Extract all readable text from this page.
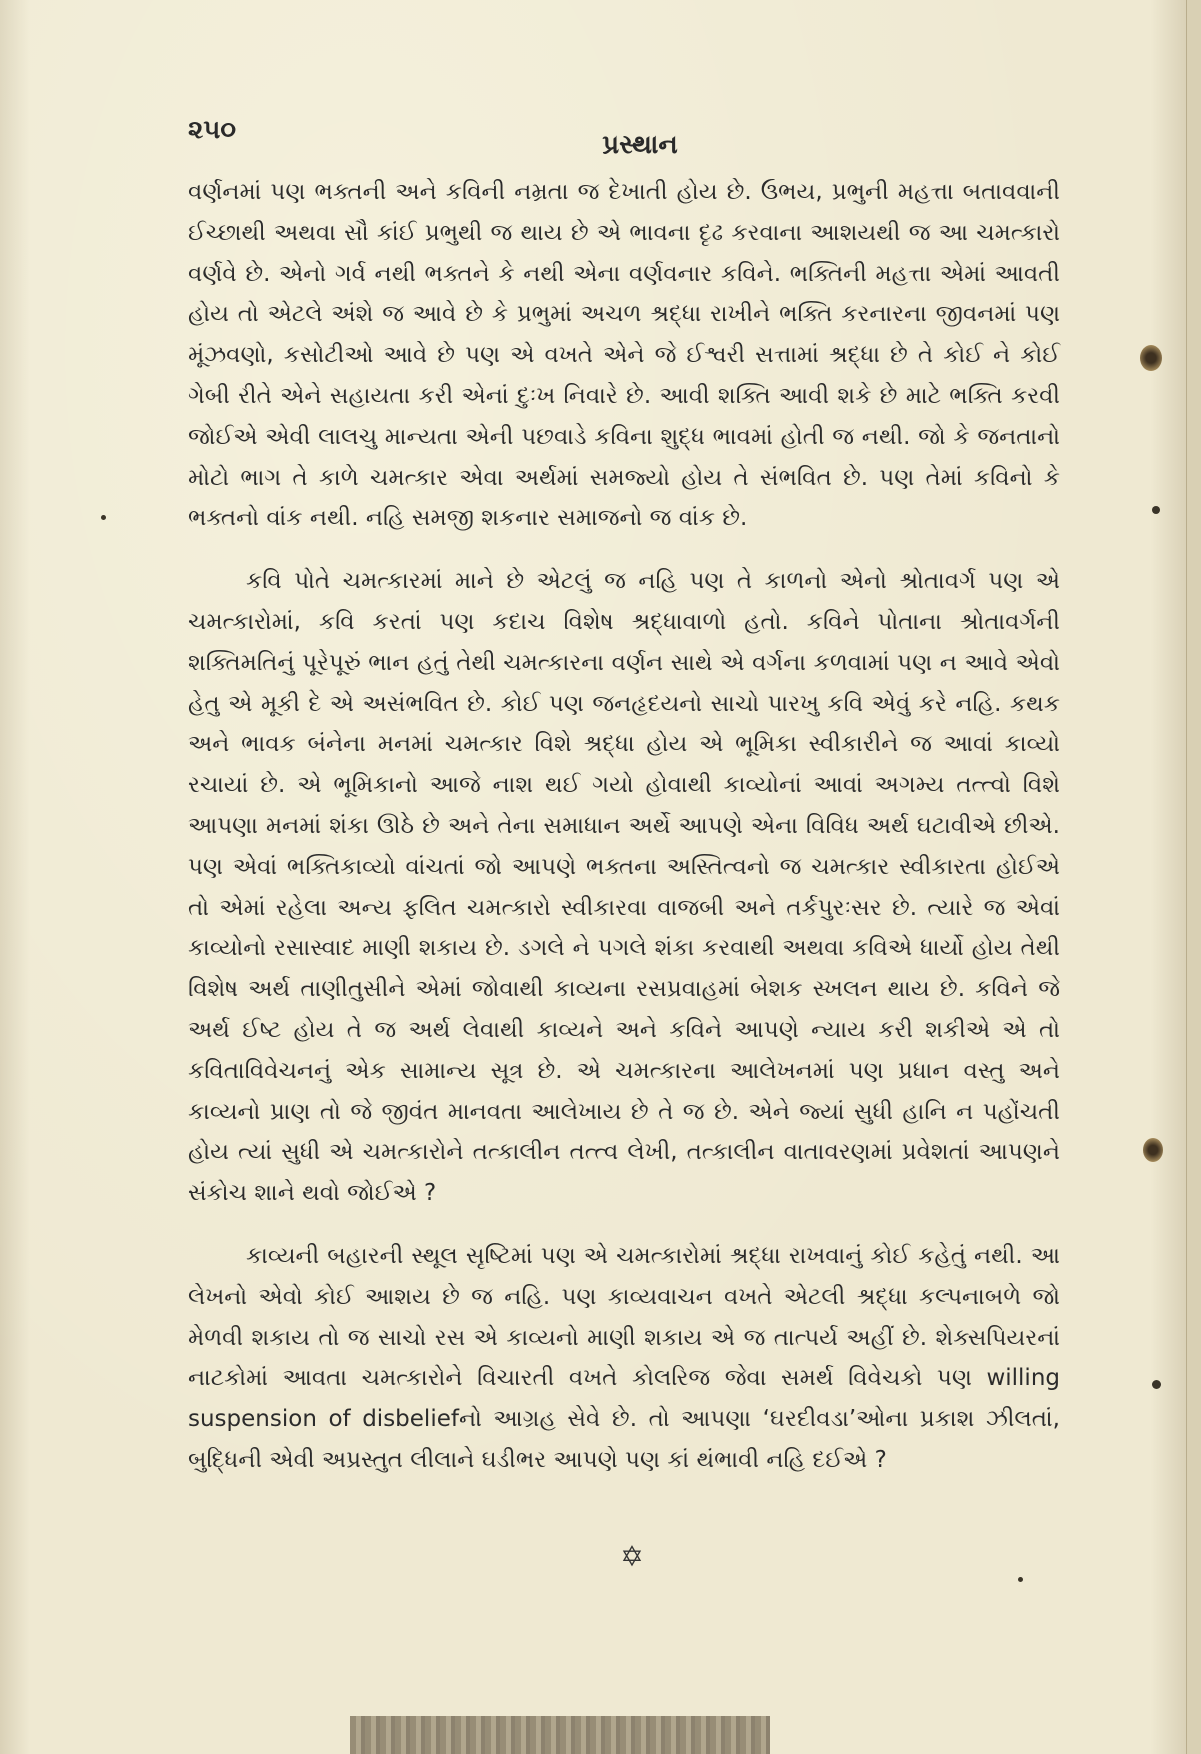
૨૫૦	પ્રસ્થાન

વર્ણનમાં પણ ભક્તની અને કવિની નમ્રતા જ દેખાતી હોય છે. ઉભય, પ્રભુની મહત્તા બતાવવાની ઈચ્છાથી અથવા સૌ કાંઈ પ્રભુથી જ થાય છે એ ભાવના દૃઢ કરવાના આશયથી જ આ ચમત્કારો વર્ણવે છે. એનો ગર્વ નથી ભક્તને કે નથી એના વર્ણવનાર કવિને. ભક્તિની મહત્તા એમાં આવતી હોય તો એટલે અંશે જ આવે છે કે પ્રભુમાં અચળ શ્રદ્ધા રાખીને ભક્તિ કરનારના જીવનમાં પણ મૂંઝવણો, કસોટીઓ આવે છે પણ એ વખતે એને જે ઈશ્વરી સત્તામાં શ્રદ્ધા છે તે કોઈ ને કોઈ ગેબી રીતે એને સહાયતા કરી એનાં દુઃખ નિવારે છે. આવી શક્તિ આવી શકે છે માટે ભક્તિ કરવી જોઈએ એવી લાલચુ માન્યતા એની પછવાડે કવિના શુદ્ધ ભાવમાં હોતી જ નથી. જો કે જનતાનો મોટો ભાગ તે કાળે ચમત્કાર એવા અર્થમાં સમજ્યો હોય તે સંભવિત છે. પણ તેમાં કવિનો કે ભક્તનો વાંક નથી. નહિ સમજી શકનાર સમાજનો જ વાંક છે.

કવિ પોતે ચમત્કારમાં માને છે એટલું જ નહિ પણ તે કાળનો એનો શ્રોતાવર્ગ પણ એ ચમત્કારોમાં, કવિ કરતાં પણ કદાચ વિશેષ શ્રદ્ધાવાળો હતો. કવિને પોતાના શ્રોતાવર્ગની શક્તિમતિનું પૂરેપૂરું ભાન હતું તેથી ચમત્કારના વર્ણન સાથે એ વર્ગના કળવામાં પણ ન આવે એવો હેતુ એ મૂકી દે એ અસંભવિત છે. કોઈ પણ જનહૃદયનો સાચો પારખુ કવિ એવું કરે નહિ. કથક અને ભાવક બંનેના મનમાં ચમત્કાર વિશે શ્રદ્ધા હોય એ ભૂમિકા સ્વીકારીને જ આવાં કાવ્યો રચાયાં છે. એ ભૂમિકાનો આજે નાશ થઈ ગયો હોવાથી કાવ્યોનાં આવાં અગમ્ય તત્ત્વો વિશે આપણા મનમાં શંકા ઊઠે છે અને તેના સમાધાન અર્થે આપણે એના વિવિધ અર્થ ઘટાવીએ છીએ. પણ એવાં ભક્તિકાવ્યો વાંચતાં જો આપણે ભક્તના અસ્તિત્વનો જ ચમત્કાર સ્વીકારતા હોઈએ તો એમાં રહેલા અન્ય ફલિત ચમત્કારો સ્વીકારવા વાજબી અને તર્કપુરઃસર છે. ત્યારે જ એવાં કાવ્યોનો રસાસ્વાદ માણી શકાય છે. ડગલે ને પગલે શંકા કરવાથી અથવા કવિએ ધાર્યો હોય તેથી વિશેષ અર્થ તાણીતુસીને એમાં જોવાથી કાવ્યના રસપ્રવાહમાં બેશક સ્ખલન થાય છે. કવિને જે અર્થ ઈષ્ટ હોય તે જ અર્થ લેવાથી કાવ્યને અને કવિને આપણે ન્યાય કરી શકીએ એ તો કવિતાવિવેચનનું એક સામાન્ય સૂત્ર છે. એ ચમત્કારના આલેખનમાં પણ પ્રધાન વસ્તુ અને કાવ્યનો પ્રાણ તો જે જીવંત માનવતા આલેખાય છે તે જ છે. એને જ્યાં સુધી હાનિ ન પહોંચતી હોય ત્યાં સુધી એ ચમત્કારોને તત્કાલીન તત્ત્વ લેખી, તત્કાલીન વાતાવરણમાં પ્રવેશતાં આપણને સંકોચ શાને થવો જોઈએ ?

કાવ્યની બહારની સ્થૂલ સૃષ્ટિમાં પણ એ ચમત્કારોમાં શ્રદ્ધા રાખવાનું કોઈ કહેતું નથી. આ લેખનો એવો કોઈ આશય છે જ નહિ. પણ કાવ્યવાચન વખતે એટલી શ્રદ્ધા કલ્પનાબળે જો મેળવી શકાય તો જ સાચો રસ એ કાવ્યનો માણી શકાય એ જ તાત્પર્ય અહીં છે. શેક્સપિયરનાં નાટકોમાં આવતા ચમત્કારોને વિચારતી વખતે કોલરિજ જેવા સમર્થ વિવેચકો પણ willing suspension of disbeliefનો આગ્રહ સેવે છે. તો આપણા ‘ઘરદીવડા’ઓના પ્રકાશ ઝીલતાં, બુદ્ધિની એવી અપ્રસ્તુત લીલાને ઘડીભર આપણે પણ કાં થંભાવી નહિ દઈએ ?

✡
